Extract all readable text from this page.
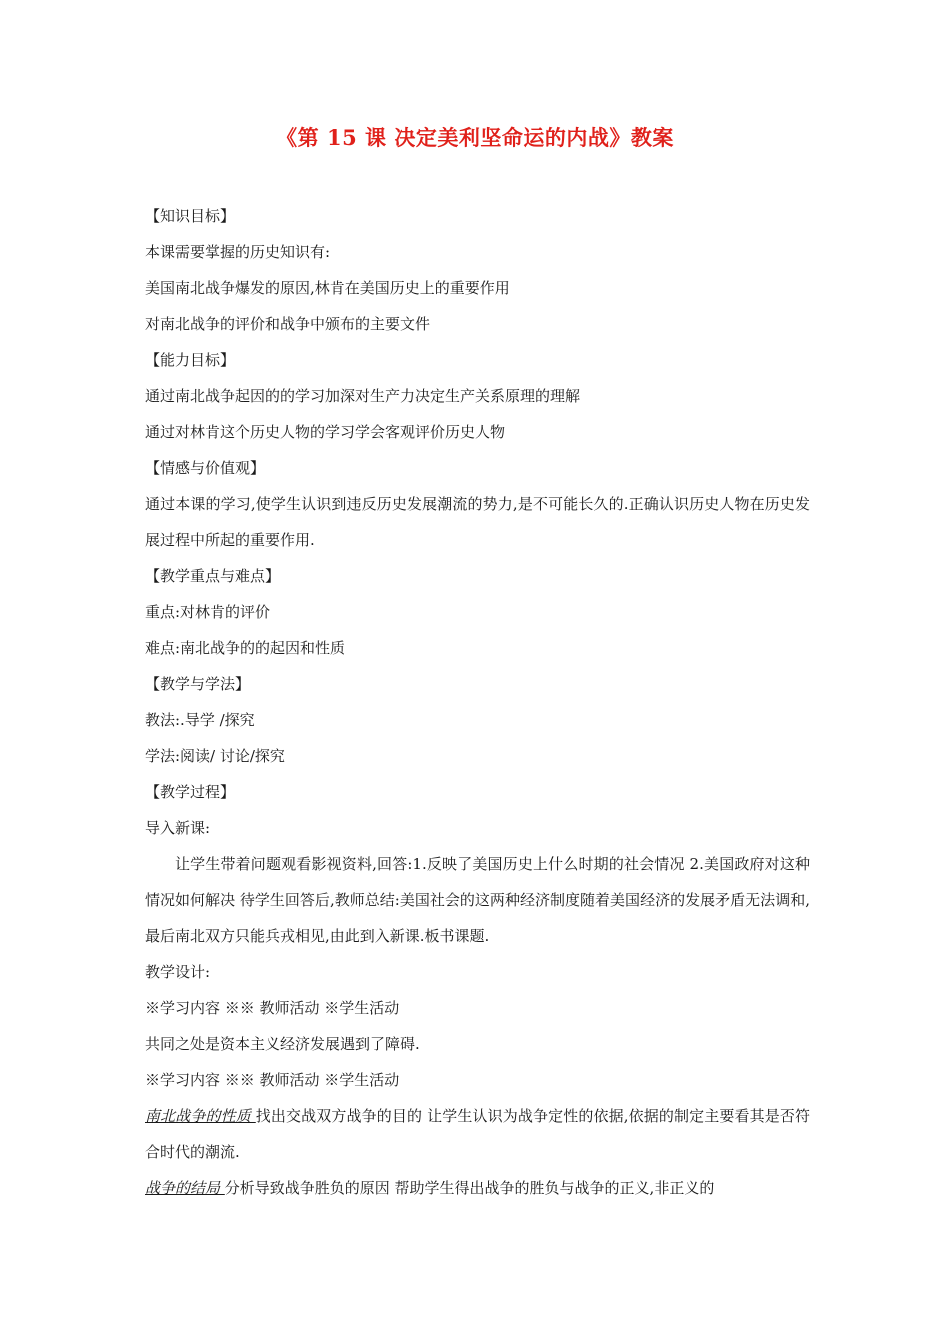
《第 15 课 决定美利坚命运的内战》教案
【知识目标】
本课需要掌握的历史知识有:
美国南北战争爆发的原因,林肯在美国历史上的重要作用
对南北战争的评价和战争中颁布的主要文件
【能力目标】
通过南北战争起因的的学习加深对生产力决定生产关系原理的理解
通过对林肯这个历史人物的学习学会客观评价历史人物
【情感与价值观】
通过本课的学习,使学生认识到违反历史发展潮流的势力,是不可能长久的.正确认识历史人物在历史发展过程中所起的重要作用.
【教学重点与难点】
重点:对林肯的评价
难点:南北战争的的起因和性质
【教学与学法】
教法:.导学 /探究
学法:阅读/ 讨论/探究
【教学过程】
导入新课:
让学生带着问题观看影视资料,回答:1.反映了美国历史上什么时期的社会情况 2.美国政府对这种情况如何解决 待学生回答后,教师总结:美国社会的这两种经济制度随着美国经济的发展矛盾无法调和,最后南北双方只能兵戎相见,由此到入新课.板书课题.
教学设计:
※学习内容 ※※ 教师活动 ※学生活动
共同之处是资本主义经济发展遇到了障碍.
※学习内容 ※※ 教师活动 ※学生活动
南北战争的性质 找出交战双方战争的目的 让学生认识为战争定性的依据,依据的制定主要看其是否符合时代的潮流.
战争的结局 分析导致战争胜负的原因 帮助学生得出战争的胜负与战争的正义,非正义的
